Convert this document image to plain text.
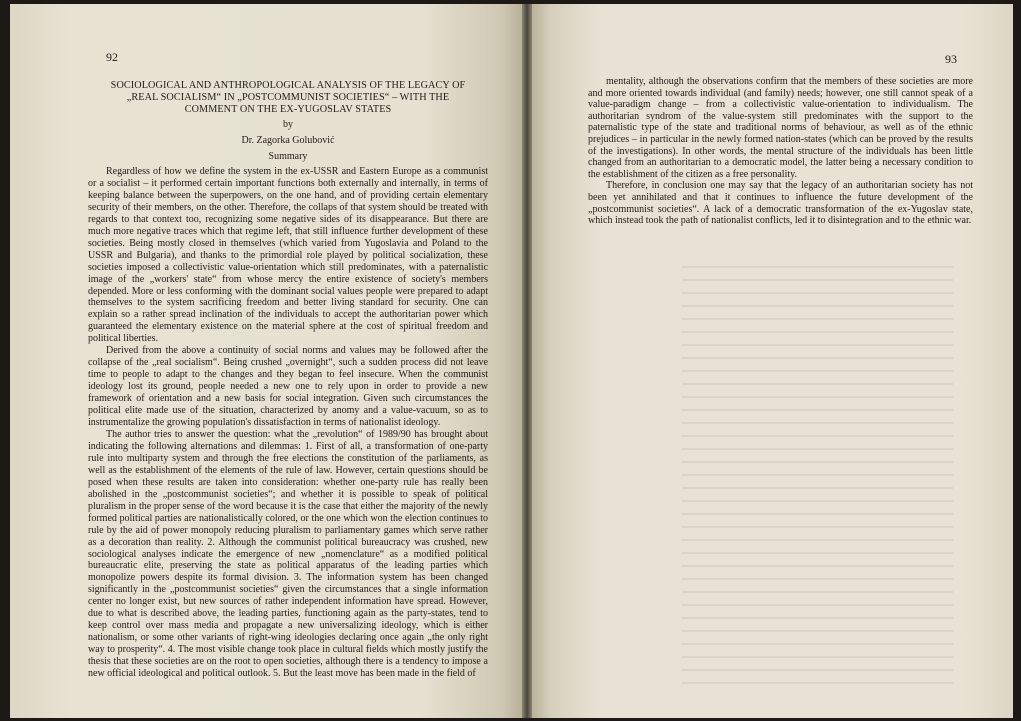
92
SOCIOLOGICAL AND ANTHROPOLOGICAL ANALYSIS OF THE LEGACY OF
„REAL SOCIALISM“ IN „POSTCOMMUNIST SOCIETIES“ – WITH THE
COMMENT ON THE EX-YUGOSLAV STATES
by
Dr. Zagorka Golubović
Summary

Regardless of how we define the system in the ex-USSR and Eastern Europe as a communist or a socialist – it performed certain important functions both externally and internally, in terms of keeping balance between the superpowers, on the one hand, and of providing certain elementary security of their members, on the other. Therefore, the collaps of that system should be treated with regards to that context too, recognizing some negative sides of its disappearance. But there are much more negative traces which that regime left, that still influence further development of these societies. Being mostly closed in themselves (which varied from Yugoslavia and Poland to the USSR and Bulgaria), and thanks to the primordial role played by political socialization, these societies imposed a collectivistic value-orientation which still predominates, with a paternalistic image of the „workers' state“ from whose mercy the entire existence of society's members depended. More or less conforming with the dominant social values people were prepared to adapt themselves to the system sacrificing freedom and better living standard for security. One can explain so a rather spread inclination of the individuals to accept the authoritarian power which guaranteed the elementary existence on the material sphere at the cost of spiritual freedom and political liberties.

Derived from the above a continuity of social norms and values may be followed after the collapse of the „real socialism“. Being crushed „overnight“, such a sudden process did not leave time to people to adapt to the changes and they began to feel insecure. When the communist ideology lost its ground, people needed a new one to rely upon in order to provide a new framework of orientation and a new basis for social integration. Given such circumstances the political elite made use of the situation, characterized by anomy and a value-vacuum, so as to instrumentalize the growing population's dissatisfaction in terms of nationalist ideology.

The author tries to answer the question: what the „revolution“ of 1989/90 has brought about indicating the following alternations and dilemmas: 1. First of all, a transformation of one-party rule into multiparty system and through the free elections the constitution of the parliaments, as well as the establishment of the elements of the rule of law. However, certain questions should be posed when these results are taken into consideration: whether one-party rule has really been abolished in the „postcommunist societies“; and whether it is possible to speak of political pluralism in the proper sense of the word because it is the case that either the majority of the newly formed political parties are nationalistically colored, or the one which won the election continues to rule by the aid of power monopoly reducing pluralism to parliamentary games which serve rather as a decoration than reality. 2. Although the communist political bureaucracy was crushed, new sociological analyses indicate the emergence of new „nomenclature“ as a modified political bureaucratic elite, preserving the state as political apparatus of the leading parties which monopolize powers despite its formal division. 3. The information system has been changed significantly in the „postcommunist societies“ given the circumstances that a single information center no longer exist, but new sources of rather independent information have spread. However, due to what is described above, the leading parties, functioning again as the party-states, tend to keep control over mass media and propagate a new universalizing ideology, which is either nationalism, or some other variants of right-wing ideologies declaring once again „the only right way to prosperity“. 4. The most visible change took place in cultural fields which mostly justify the thesis that these societies are on the root to open societies, although there is a tendency to impose a new official ideological and political outlook. 5. But the least move has been made in the field of

93

mentality, although the observations confirm that the members of these societies are more and more oriented towards individual (and family) needs; however, one still cannot speak of a value-paradigm change – from a collectivistic value-orientation to individualism. The authoritarian syndrom of the value-system still predominates with the support to the paternalistic type of the state and traditional norms of behaviour, as well as of the ethnic prejudices – in particular in the newly formed nation-states (which can be proved by the results of the investigations). In other words, the mental structure of the individuals has been little changed from an authoritarian to a democratic model, the latter being a necessary condition to the establishment of the citizen as a free personality.

Therefore, in conclusion one may say that the legacy of an authoritarian society has not been yet annihilated and that it continues to influence the future development of the „postcommunist societies“. A lack of a democratic transformation of the ex-Yugoslav state, which instead took the path of nationalist conflicts, led it to disintegration and to the ethnic war.
